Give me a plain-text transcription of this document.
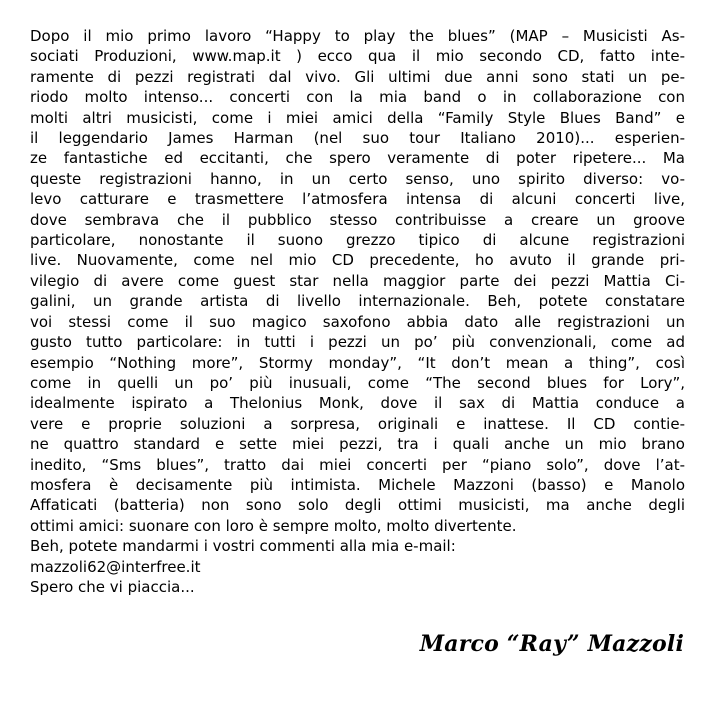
Dopo il mio primo lavoro “Happy to play the blues” (MAP – Musicisti As-
sociati Produzioni, www.map.it ) ecco qua il mio secondo CD, fatto inte-
ramente di pezzi registrati dal vivo. Gli ultimi due anni sono stati un pe-
riodo molto intenso... concerti con la mia band o in collaborazione con
molti altri musicisti, come i miei amici della “Family Style Blues Band” e
il leggendario James Harman (nel suo tour Italiano 2010)... esperien-
ze fantastiche ed eccitanti, che spero veramente di poter ripetere... Ma
queste registrazioni hanno, in un certo senso, uno spirito diverso: vo-
levo catturare e trasmettere l’atmosfera intensa di alcuni concerti live,
dove sembrava che il pubblico stesso contribuisse a creare un groove
particolare, nonostante il suono grezzo tipico di alcune registrazioni
live. Nuovamente, come nel mio CD precedente, ho avuto il grande pri-
vilegio di avere come guest star nella maggior parte dei pezzi Mattia Ci-
galini, un grande artista di livello internazionale. Beh, potete constatare
voi stessi come il suo magico saxofono abbia dato alle registrazioni un
gusto tutto particolare: in tutti i pezzi un po’ più convenzionali, come ad
esempio “Nothing more”, Stormy monday”, “It don’t mean a thing”, così
come in quelli un po’ più inusuali, come “The second blues for Lory”,
idealmente ispirato a Thelonius Monk, dove il sax di Mattia conduce a
vere e proprie soluzioni a sorpresa, originali e inattese. Il CD contie-
ne quattro standard e sette miei pezzi, tra i quali anche un mio brano
inedito, “Sms blues”, tratto dai miei concerti per “piano solo”, dove l’at-
mosfera è decisamente più intimista. Michele Mazzoni (basso) e Manolo
Affaticati (batteria) non sono solo degli ottimi musicisti, ma anche degli
ottimi amici: suonare con loro è sempre molto, molto divertente.
Beh, potete mandarmi i vostri commenti alla mia e-mail:
mazzoli62@interfree.it
Spero che vi piaccia...
Marco “Ray” Mazzoli
